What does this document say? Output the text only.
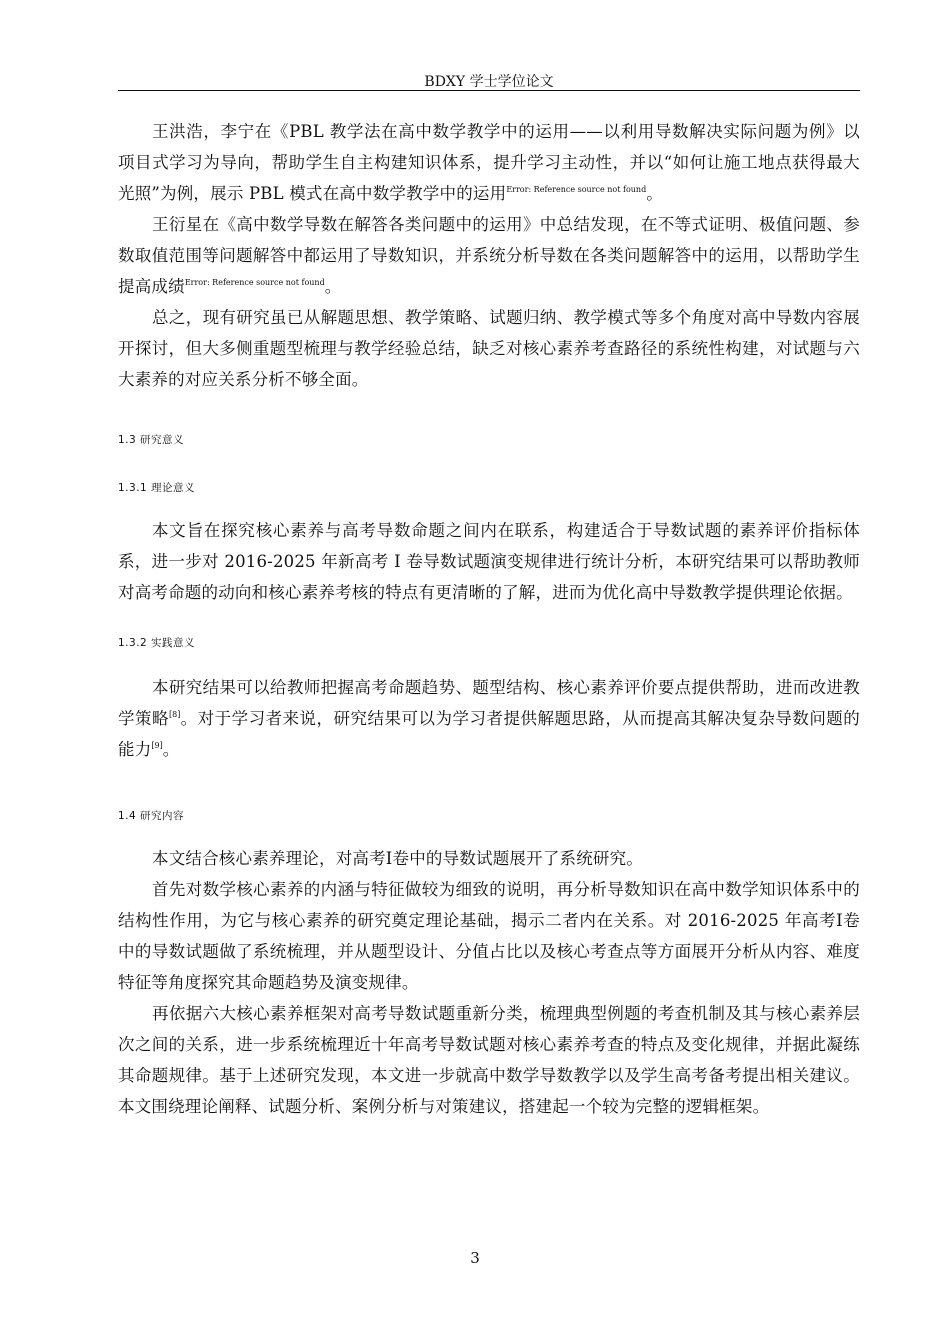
BDXY 学士学位论文

王洪浩，李宁在《PBL 教学法在高中数学教学中的运用——以利用导数解决实际问题为例》以项目式学习为导向，帮助学生自主构建知识体系，提升学习主动性，并以“如何让施工地点获得最大光照”为例，展示 PBL 模式在高中数学教学中的运用$^{Error: Reference source not found}$。

王衍星在《高中数学导数在解答各类问题中的运用》中总结发现，在不等式证明、极值问题、参数取值范围等问题解答中都运用了导数知识，并系统分析导数在各类问题解答中的运用，以帮助学生提高成绩$^{Error: Reference source not found}$。

总之，现有研究虽已从解题思想、教学策略、试题归纳、教学模式等多个角度对高中导数内容展开探讨，但大多侧重题型梳理与教学经验总结，缺乏对核心素养考查路径的系统性构建，对试题与六大素养的对应关系分析不够全面。

1.3 研究意义
1.3.1 理论意义

本文旨在探究核心素养与高考导数命题之间内在联系，构建适合于导数试题的素养评价指标体系，进一步对 2016-2025 年新高考 I 卷导数试题演变规律进行统计分析，本研究结果可以帮助教师对高考命题的动向和核心素养考核的特点有更清晰的了解，进而为优化高中导数教学提供理论依据。

1.3.2 实践意义

本研究结果可以给教师把握高考命题趋势、题型结构、核心素养评价要点提供帮助，进而改进教学策略[8]。对于学习者来说，研究结果可以为学习者提供解题思路，从而提高其解决复杂导数问题的能力[9]。

1.4 研究内容

本文结合核心素养理论，对高考Ⅰ卷中的导数试题展开了系统研究。

首先对数学核心素养的内涵与特征做较为细致的说明，再分析导数知识在高中数学知识体系中的结构性作用，为它与核心素养的研究奠定理论基础，揭示二者内在关系。对 2016-2025 年高考Ⅰ卷中的导数试题做了系统梳理，并从题型设计、分值占比以及核心考查点等方面展开分析从内容、难度特征等角度探究其命题趋势及演变规律。

再依据六大核心素养框架对高考导数试题重新分类，梳理典型例题的考查机制及其与核心素养层次之间的关系，进一步系统梳理近十年高考导数试题对核心素养考查的特点及变化规律，并据此凝练其命题规律。基于上述研究发现，本文进一步就高中数学导数教学以及学生高考备考提出相关建议。本文围绕理论阐释、试题分析、案例分析与对策建议，搭建起一个较为完整的逻辑框架。

3
